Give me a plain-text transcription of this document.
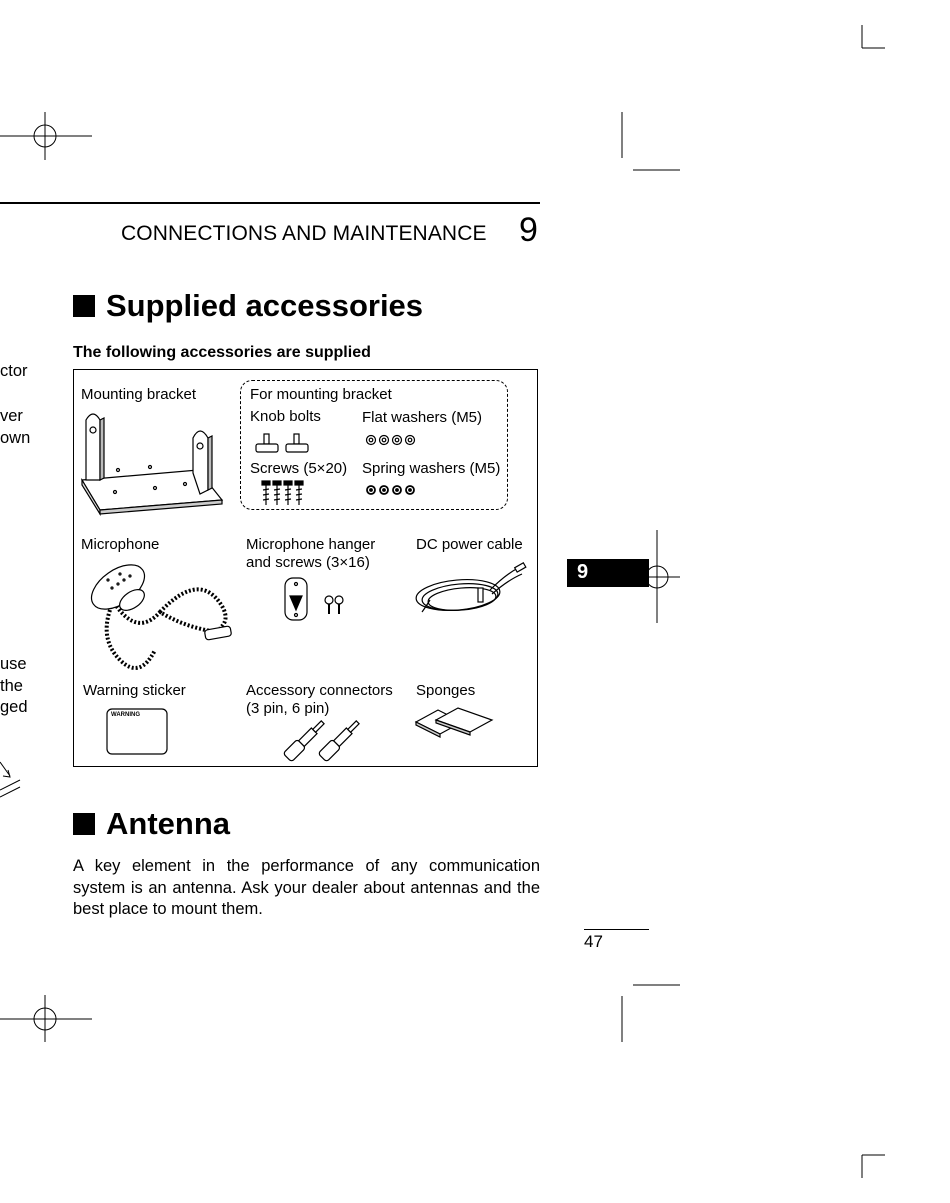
ctor
ver
own
use
the
ged
CONNECTIONS AND MAINTENANCE 9
Supplied accessories
The following accessories are supplied
Mounting bracket	For mounting bracket
Knob bolts	Flat washers (M5)
Screws (5×20) Spring washers (M5)
Microphone	Microphone hanger
and screws (3×16)
DC power cable
Warning sticker	Accessory connectors
(3 pin, 6 pin)
Sponges
WARNING
Antenna
A key element in the performance of any communication system is an antenna. Ask your dealer about antennas and the best place to mount them.
9
47
